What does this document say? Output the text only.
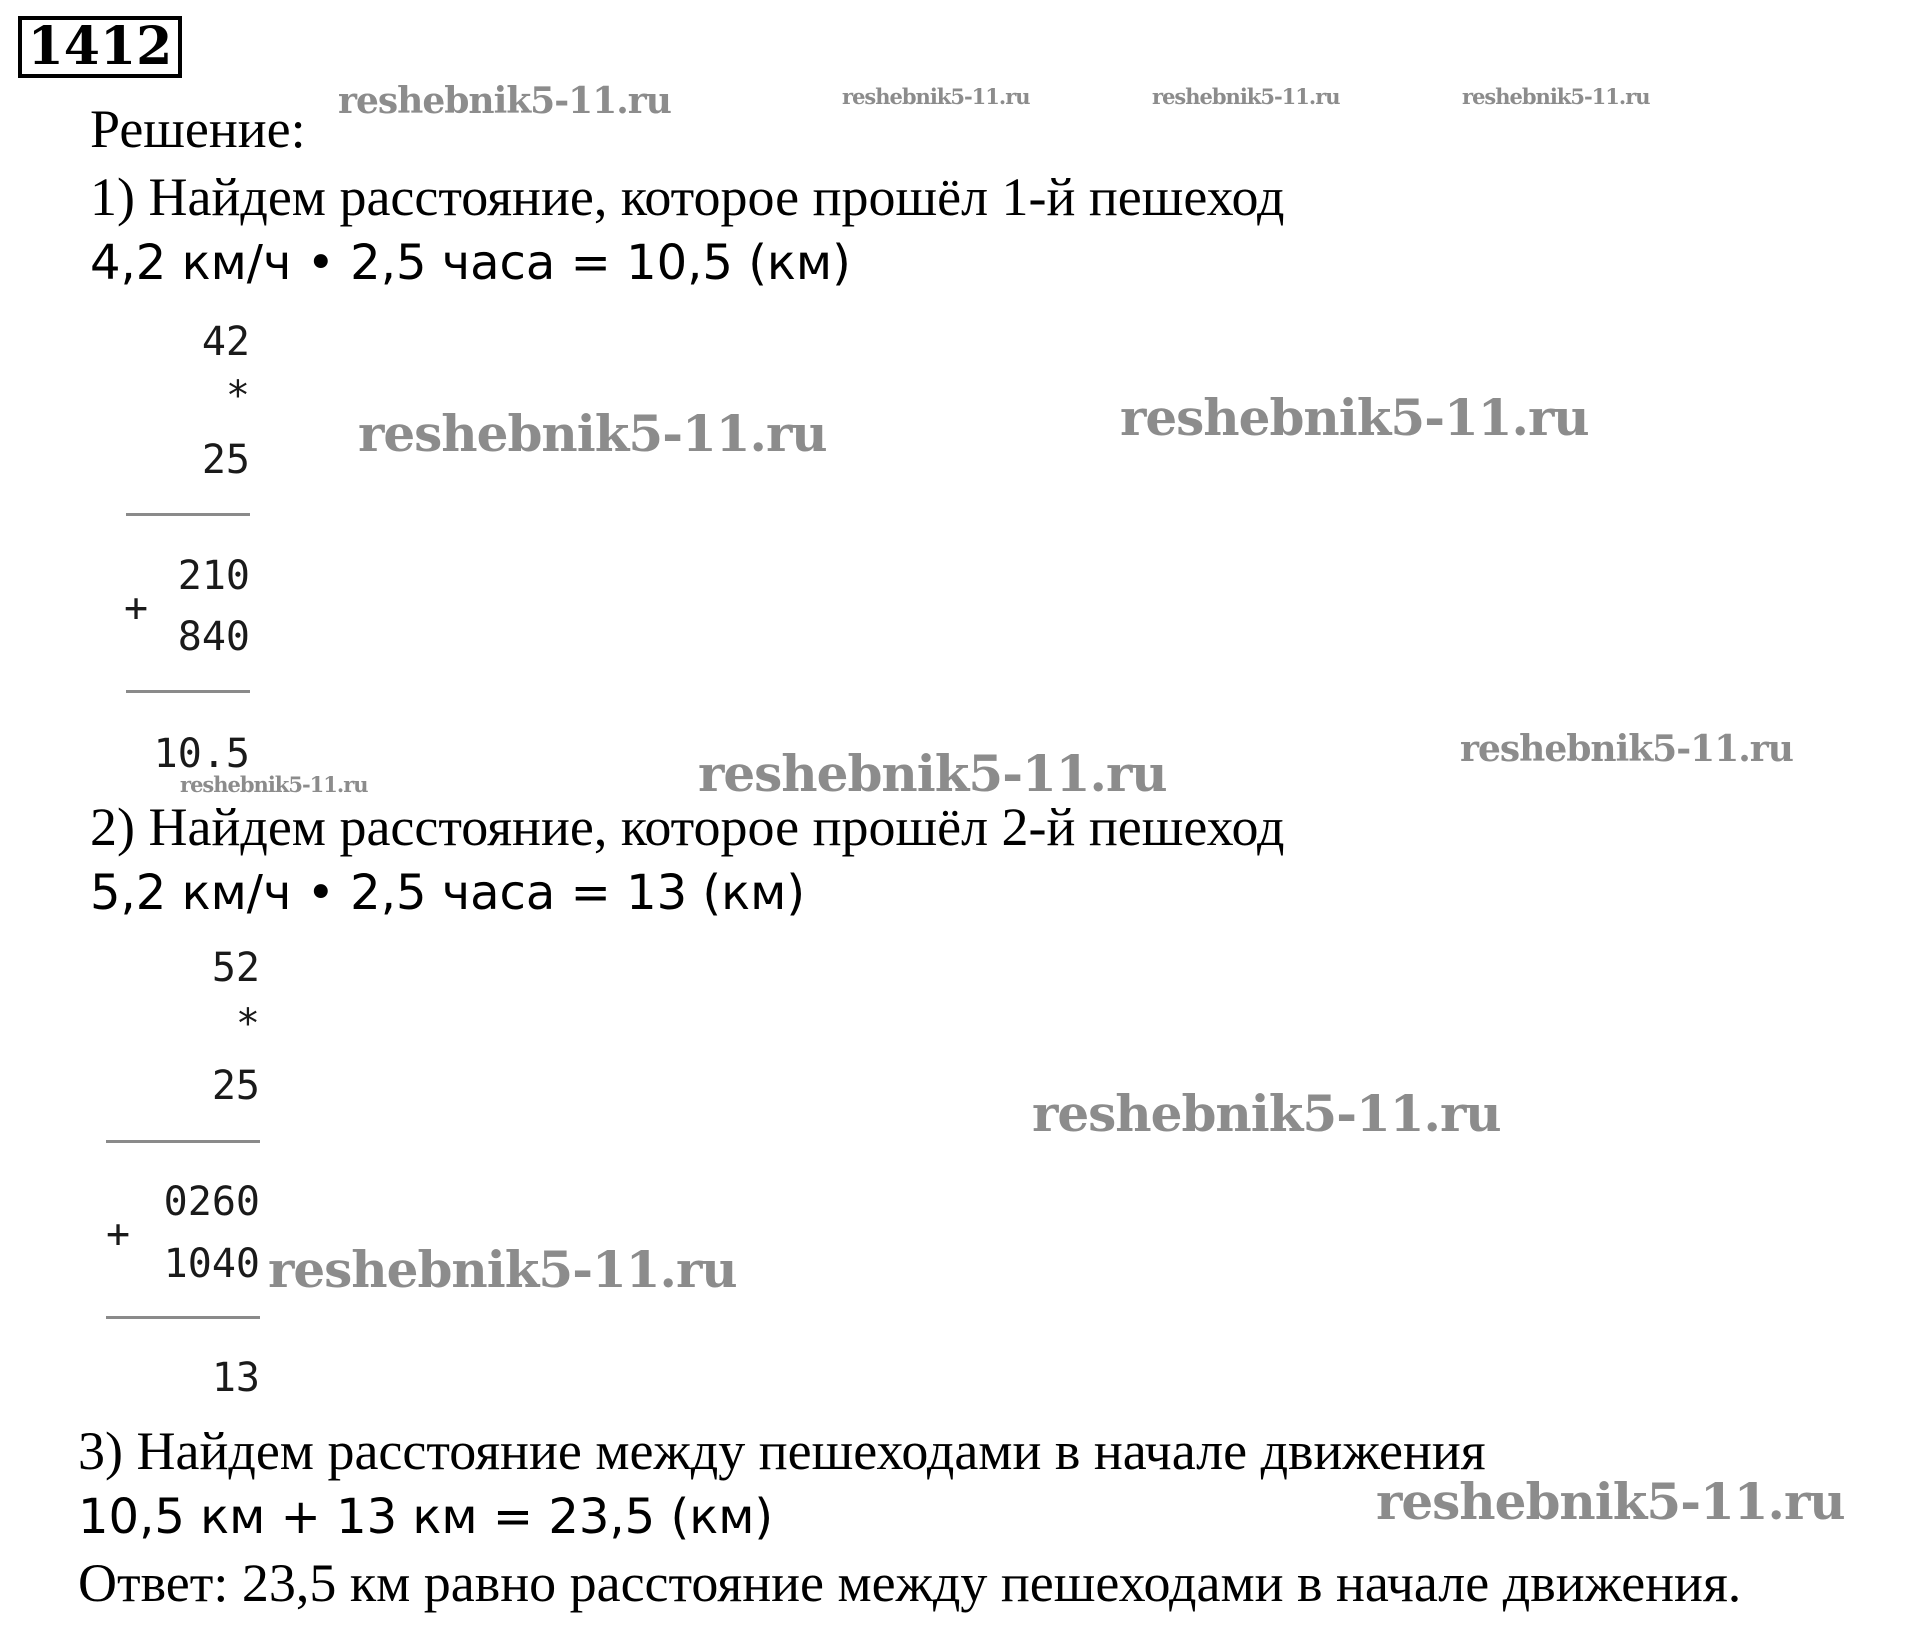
1412
Решение:
1) Найдем расстояние, которое прошёл 1-й пешеход
4,2 км/ч • 2,5 часа = 10,5 (км)
42
*
25
210
+
840
10.5
2) Найдем расстояние, которое прошёл 2-й пешеход
5,2 км/ч • 2,5 часа = 13 (км)
52
*
25
0260
+
1040
13
3) Найдем расстояние между пешеходами в начале движения
10,5 км + 13 км = 23,5 (км)
Ответ: 23,5 км равно расстояние между пешеходами в начале движения.
reshebnik5-11.ru	reshebnik5-11.ru	reshebnik5-11.ru	reshebnik5-11.ru
reshebnik5-11.ru	reshebnik5-11.ru
reshebnik5-11.ru	reshebnik5-11.ru	reshebnik5-11.ru
reshebnik5-11.ru
reshebnik5-11.ru
reshebnik5-11.ru
